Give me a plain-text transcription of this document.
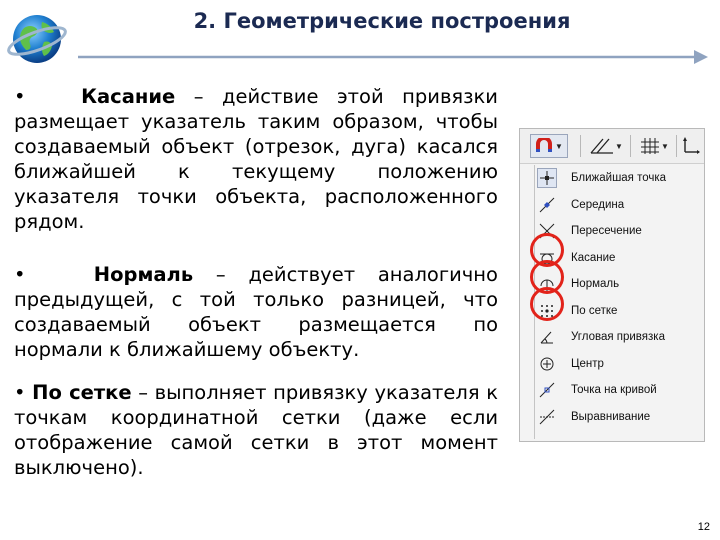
2. Геометрические построения
•   Касание – действие этой привязки размещает указатель таким образом, чтобы создаваемый объект (отрезок, дуга) касался ближайшей к текущему положению указателя точки объекта, расположенного рядом.
•   Нормаль – действует аналогично предыдущей, с той только разницей, что создаваемый объект размещается по нормали к ближайшему объекту.
• По сетке – выполняет привязку указателя к точкам координатной сетки (даже если отображение самой сетки в этот момент выключено).
12
▼	▼	▼
Ближайшая точка
Середина
Пересечение
Касание
Нормаль
По сетке
Угловая привязка
Центр
Точка на кривой
Выравнивание
